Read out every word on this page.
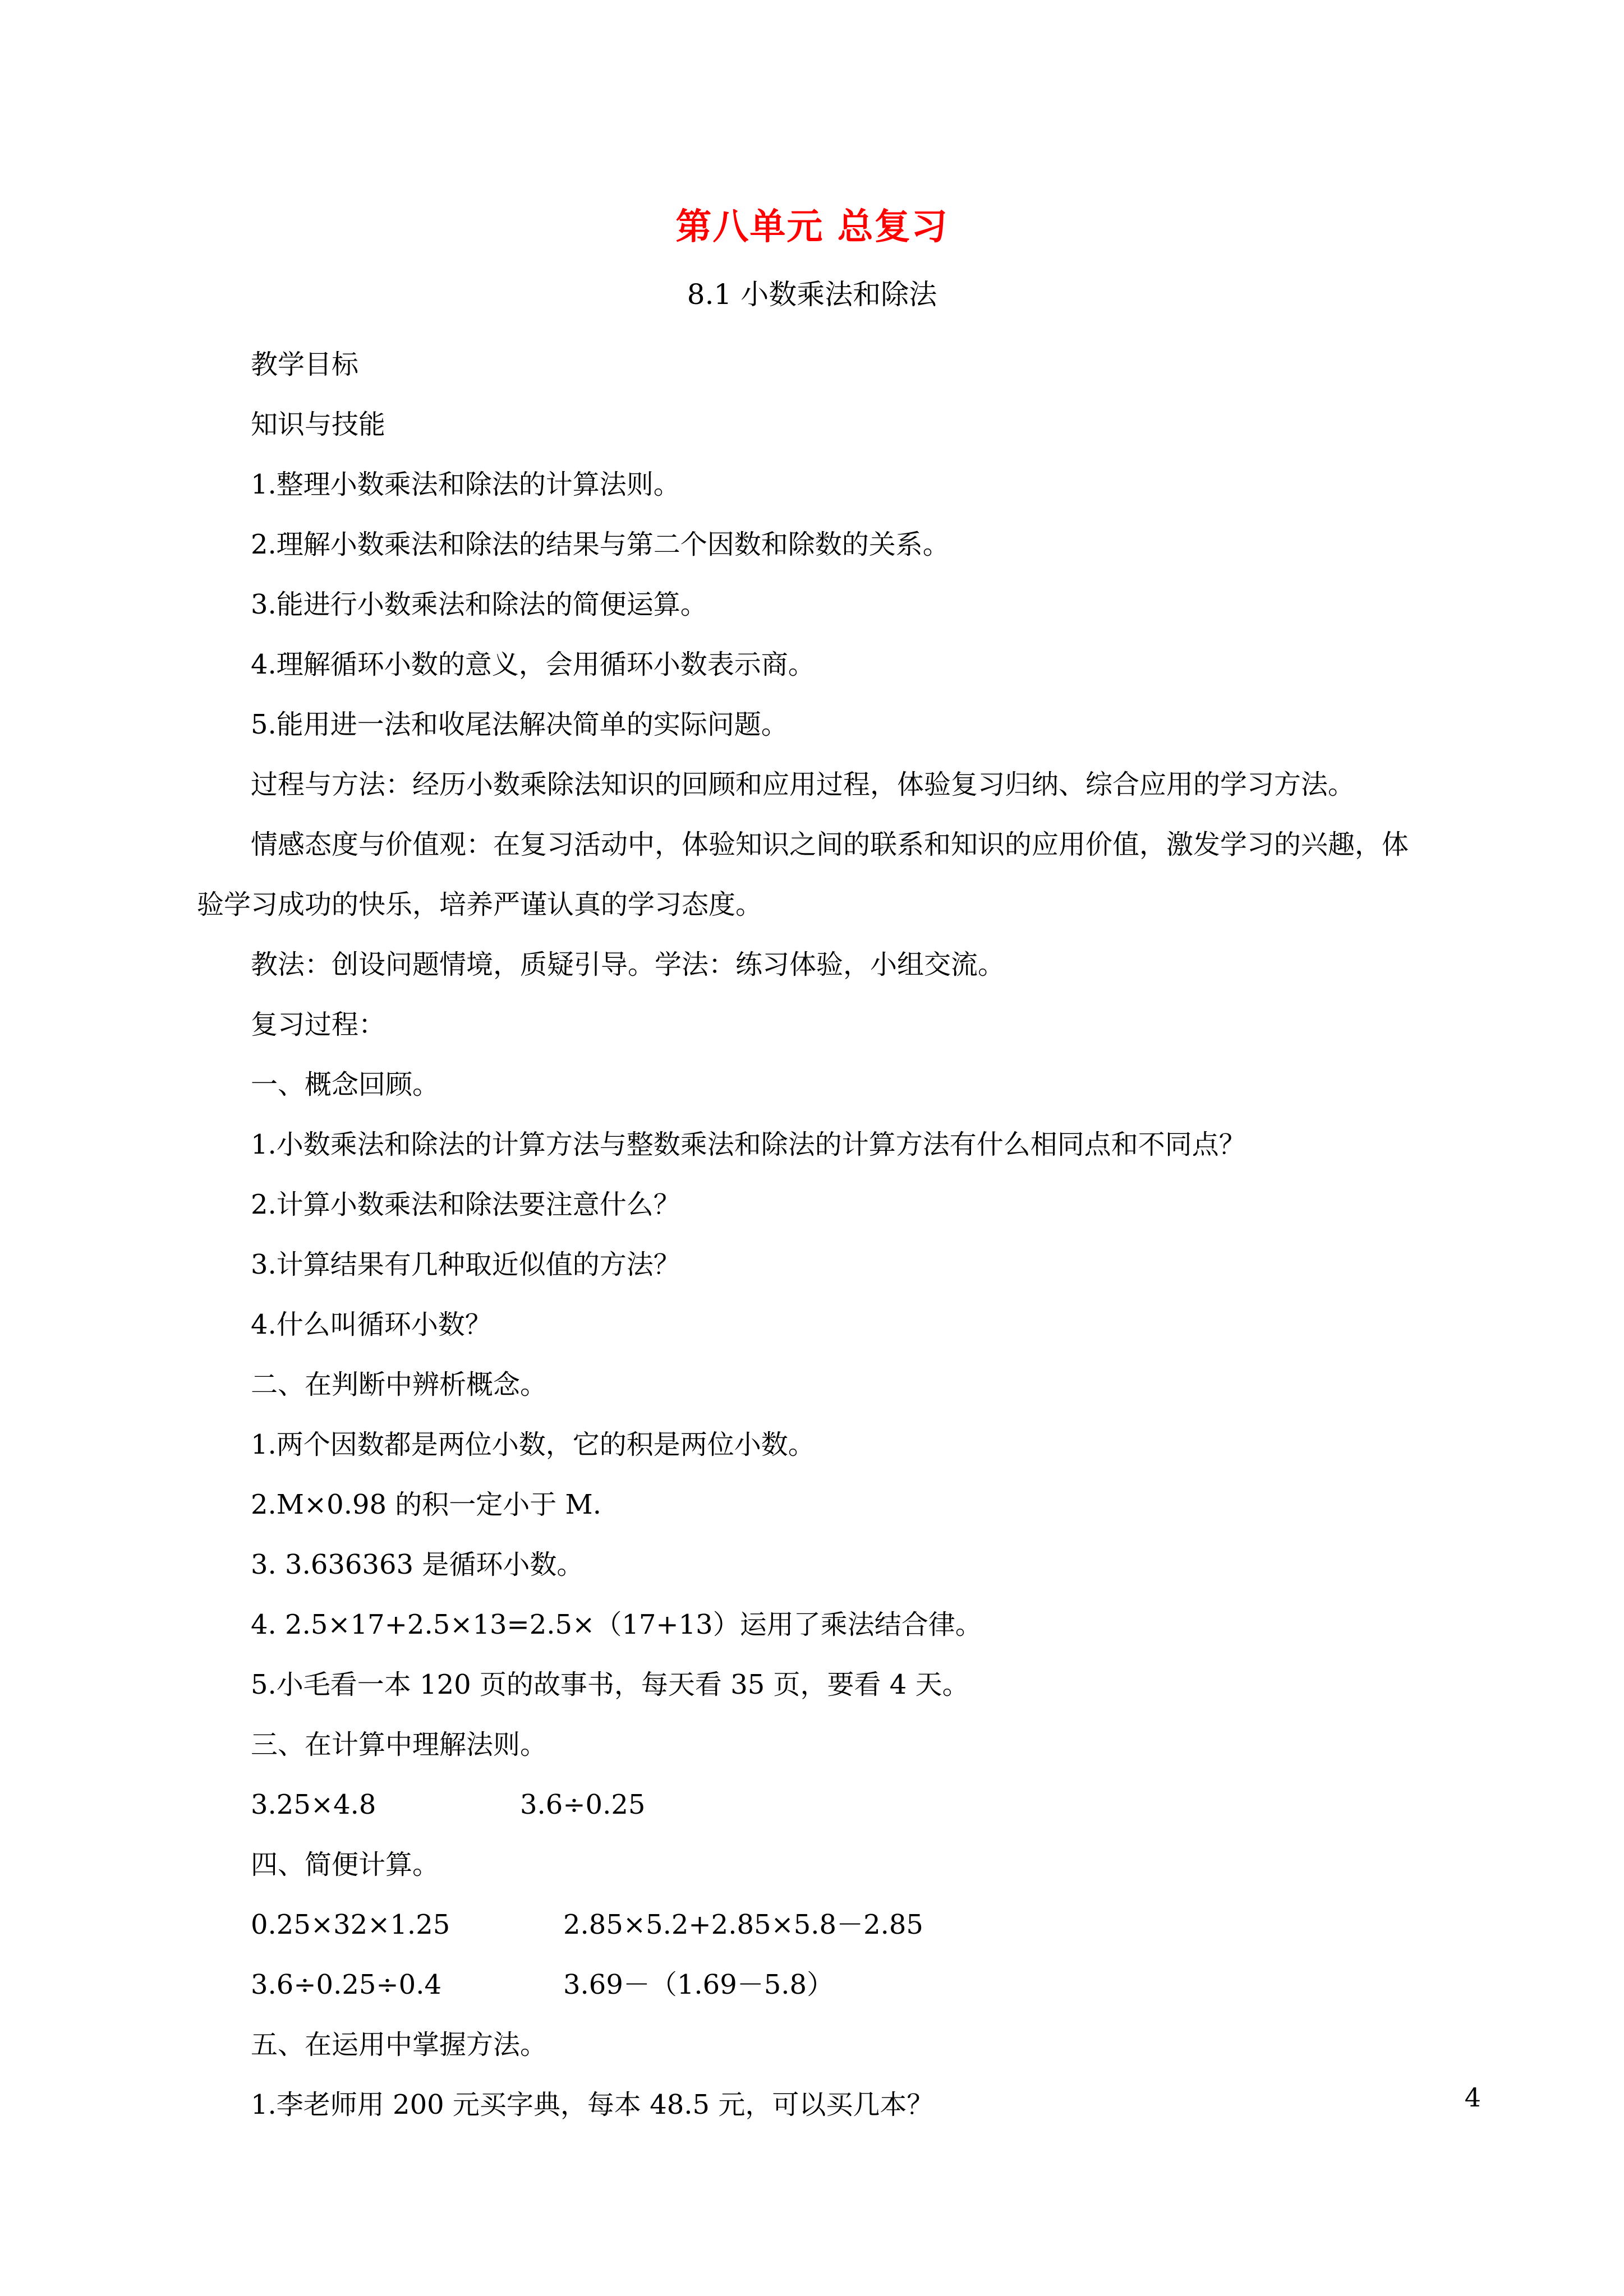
第八单元 总复习
8.1 小数乘法和除法

教学目标

知识与技能

1.整理小数乘法和除法的计算法则。

2.理解小数乘法和除法的结果与第二个因数和除数的关系。

3.能进行小数乘法和除法的简便运算。

4.理解循环小数的意义，会用循环小数表示商。

5.能用进一法和收尾法解决简单的实际问题。

过程与方法：经历小数乘除法知识的回顾和应用过程，体验复习归纳、综合应用的学习方法。

情感态度与价值观：在复习活动中，体验知识之间的联系和知识的应用价值，激发学习的兴趣，体

验学习成功的快乐，培养严谨认真的学习态度。

教法：创设问题情境，质疑引导。学法：练习体验，小组交流。

复习过程：

一、概念回顾。

1.小数乘法和除法的计算方法与整数乘法和除法的计算方法有什么相同点和不同点？

2.计算小数乘法和除法要注意什么？

3.计算结果有几种取近似值的方法？

4.什么叫循环小数？

二、在判断中辨析概念。

1.两个因数都是两位小数，它的积是两位小数。

2.M×0.98 的积一定小于 M.

3. 3.636363 是循环小数。

4. 2.5×17+2.5×13=2.5×（17+13）运用了乘法结合律。

5.小毛看一本 120 页的故事书，每天看 35 页，要看 4 天。

三、在计算中理解法则。

3.25×4.8	3.6÷0.25

四、简便计算。

0.25×32×1.25	2.85×5.2+2.85×5.8－2.85
3.6÷0.25÷0.4	3.69－（1.69－5.8）

五、在运用中掌握方法。

1.李老师用 200 元买字典，每本 48.5 元，可以买几本？	4
